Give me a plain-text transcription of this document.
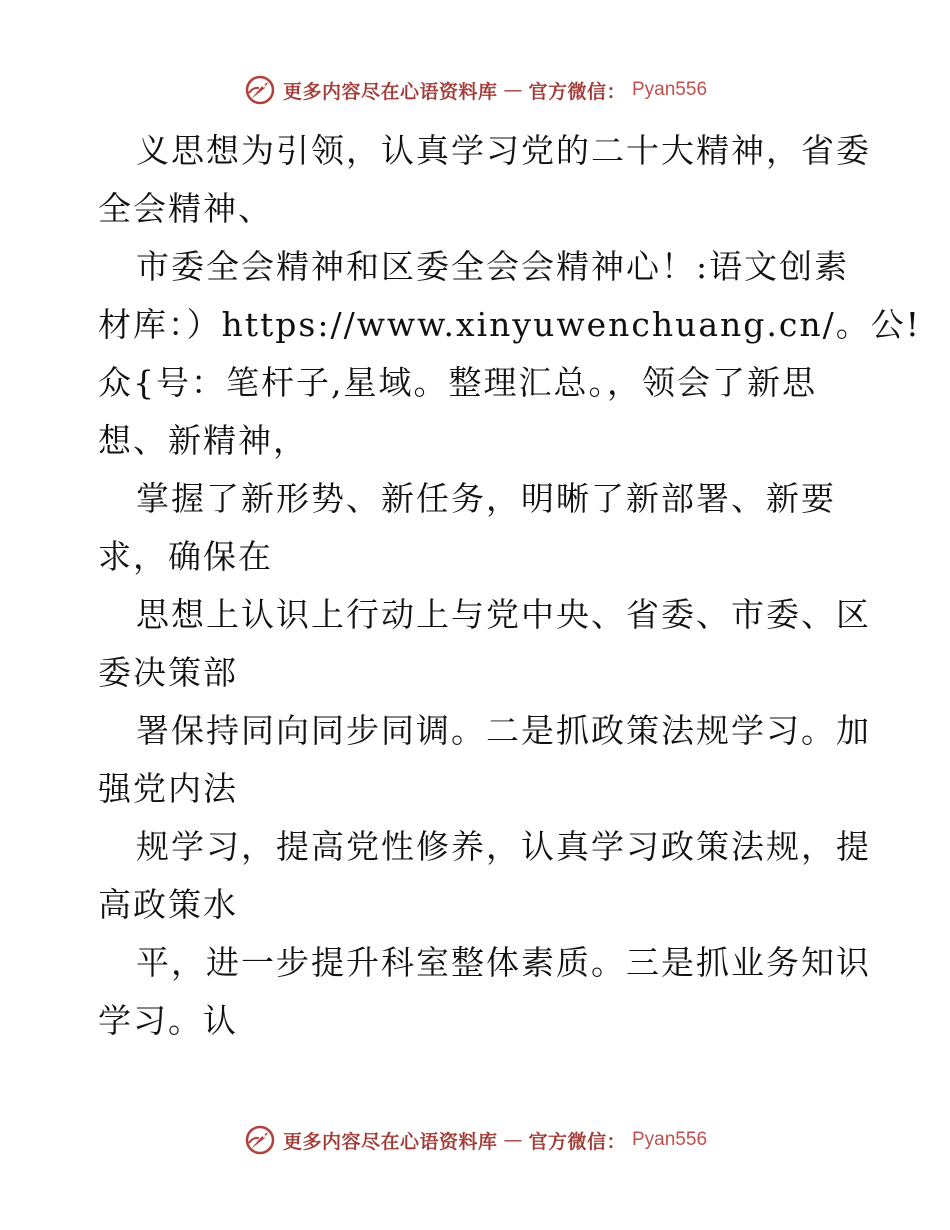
更多内容尽在心语资料库 — 官方微信： Pyan556
义思想为引领，认真学习党的二十大精神，省委
全会精神、
市委全会精神和区委全会会精神心！:语文创素
材库：）https://www.xinyuwenchuang.cn/。公!
众{号：笔杆子,星域。整理汇总。，领会了新思
想、新精神，
掌握了新形势、新任务，明晰了新部署、新要
求，确保在
思想上认识上行动上与党中央、省委、市委、区
委决策部
署保持同向同步同调。二是抓政策法规学习。加
强党内法
规学习，提高党性修养，认真学习政策法规，提
高政策水
平，进一步提升科室整体素质。三是抓业务知识
学习。认
更多内容尽在心语资料库 — 官方微信： Pyan556
